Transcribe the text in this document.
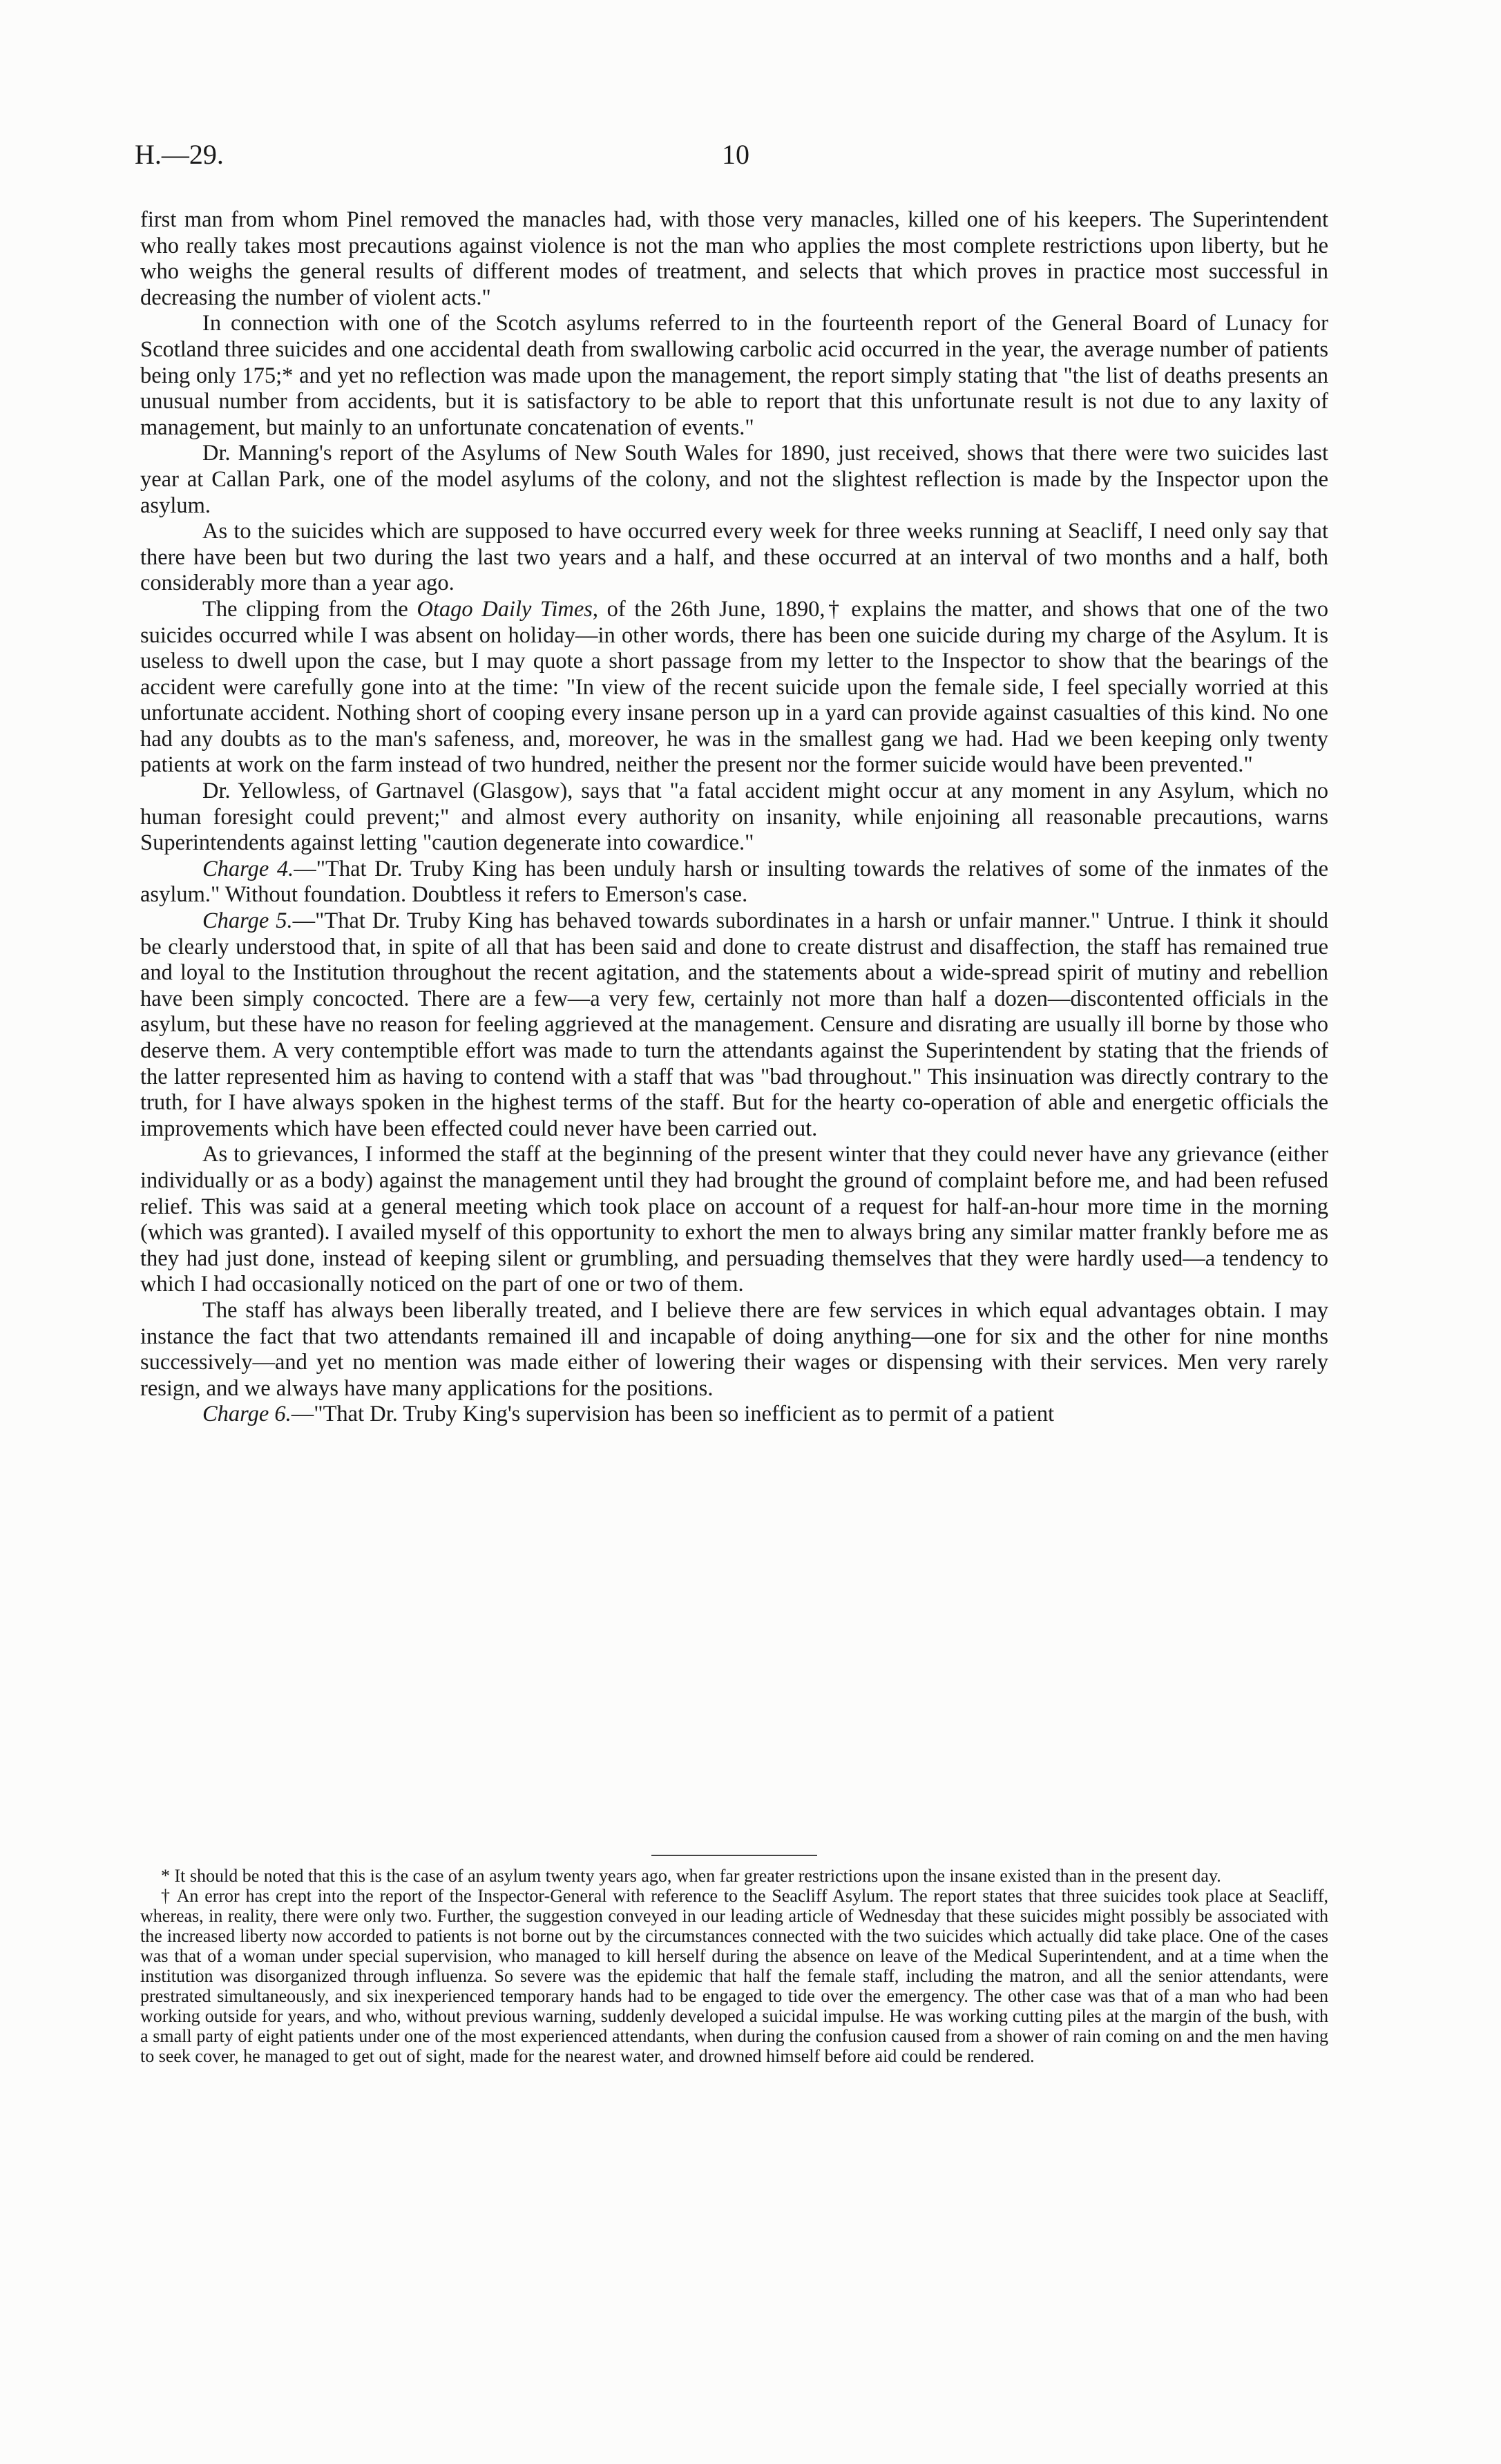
H.—29.	10

first man from whom Pinel removed the manacles had, with those very manacles, killed one of his keepers. The Superintendent who really takes most precautions against violence is not the man who applies the most complete restrictions upon liberty, but he who weighs the general results of different modes of treatment, and selects that which proves in practice most successful in decreasing the number of violent acts."

In connection with one of the Scotch asylums referred to in the fourteenth report of the General Board of Lunacy for Scotland three suicides and one accidental death from swallowing carbolic acid occurred in the year, the average number of patients being only 175;* and yet no reflection was made upon the management, the report simply stating that "the list of deaths presents an unusual number from accidents, but it is satisfactory to be able to report that this unfortunate result is not due to any laxity of management, but mainly to an unfortunate concatenation of events."

Dr. Manning's report of the Asylums of New South Wales for 1890, just received, shows that there were two suicides last year at Callan Park, one of the model asylums of the colony, and not the slightest reflection is made by the Inspector upon the asylum.

As to the suicides which are supposed to have occurred every week for three weeks running at Seacliff, I need only say that there have been but two during the last two years and a half, and these occurred at an interval of two months and a half, both considerably more than a year ago.

The clipping from the Otago Daily Times, of the 26th June, 1890,† explains the matter, and shows that one of the two suicides occurred while I was absent on holiday—in other words, there has been one suicide during my charge of the Asylum. It is useless to dwell upon the case, but I may quote a short passage from my letter to the Inspector to show that the bearings of the accident were carefully gone into at the time: "In view of the recent suicide upon the female side, I feel specially worried at this unfortunate accident. Nothing short of cooping every insane person up in a yard can provide against casualties of this kind. No one had any doubts as to the man's safeness, and, moreover, he was in the smallest gang we had. Had we been keeping only twenty patients at work on the farm instead of two hundred, neither the present nor the former suicide would have been prevented."

Dr. Yellowless, of Gartnavel (Glasgow), says that "a fatal accident might occur at any moment in any Asylum, which no human foresight could prevent;" and almost every authority on insanity, while enjoining all reasonable precautions, warns Superintendents against letting "caution degenerate into cowardice."

Charge 4.—"That Dr. Truby King has been unduly harsh or insulting towards the relatives of some of the inmates of the asylum." Without foundation. Doubtless it refers to Emerson's case.

Charge 5.—"That Dr. Truby King has behaved towards subordinates in a harsh or unfair manner." Untrue. I think it should be clearly understood that, in spite of all that has been said and done to create distrust and disaffection, the staff has remained true and loyal to the Institution throughout the recent agitation, and the statements about a wide-spread spirit of mutiny and rebellion have been simply concocted. There are a few—a very few, certainly not more than half a dozen—discontented officials in the asylum, but these have no reason for feeling aggrieved at the management. Censure and disrating are usually ill borne by those who deserve them. A very contemptible effort was made to turn the attendants against the Superintendent by stating that the friends of the latter represented him as having to contend with a staff that was "bad throughout." This insinuation was directly contrary to the truth, for I have always spoken in the highest terms of the staff. But for the hearty co-operation of able and energetic officials the improvements which have been effected could never have been carried out.

As to grievances, I informed the staff at the beginning of the present winter that they could never have any grievance (either individually or as a body) against the management until they had brought the ground of complaint before me, and had been refused relief. This was said at a general meeting which took place on account of a request for half-an-hour more time in the morning (which was granted). I availed myself of this opportunity to exhort the men to always bring any similar matter frankly before me as they had just done, instead of keeping silent or grumbling, and persuading themselves that they were hardly used—a tendency to which I had occasionally noticed on the part of one or two of them.

The staff has always been liberally treated, and I believe there are few services in which equal advantages obtain. I may instance the fact that two attendants remained ill and incapable of doing anything—one for six and the other for nine months successively—and yet no mention was made either of lowering their wages or dispensing with their services. Men very rarely resign, and we always have many applications for the positions.

Charge 6.—"That Dr. Truby King's supervision has been so inefficient as to permit of a patient

* It should be noted that this is the case of an asylum twenty years ago, when far greater restrictions upon the insane existed than in the present day.

† An error has crept into the report of the Inspector-General with reference to the Seacliff Asylum. The report states that three suicides took place at Seacliff, whereas, in reality, there were only two. Further, the suggestion conveyed in our leading article of Wednesday that these suicides might possibly be associated with the increased liberty now accorded to patients is not borne out by the circumstances connected with the two suicides which actually did take place. One of the cases was that of a woman under special supervision, who managed to kill herself during the absence on leave of the Medical Superintendent, and at a time when the institution was disorganized through influenza. So severe was the epidemic that half the female staff, including the matron, and all the senior attendants, were prestrated simultaneously, and six inexperienced temporary hands had to be engaged to tide over the emergency. The other case was that of a man who had been working outside for years, and who, without previous warning, suddenly developed a suicidal impulse. He was working cutting piles at the margin of the bush, with a small party of eight patients under one of the most experienced attendants, when during the confusion caused from a shower of rain coming on and the men having to seek cover, he managed to get out of sight, made for the nearest water, and drowned himself before aid could be rendered.
